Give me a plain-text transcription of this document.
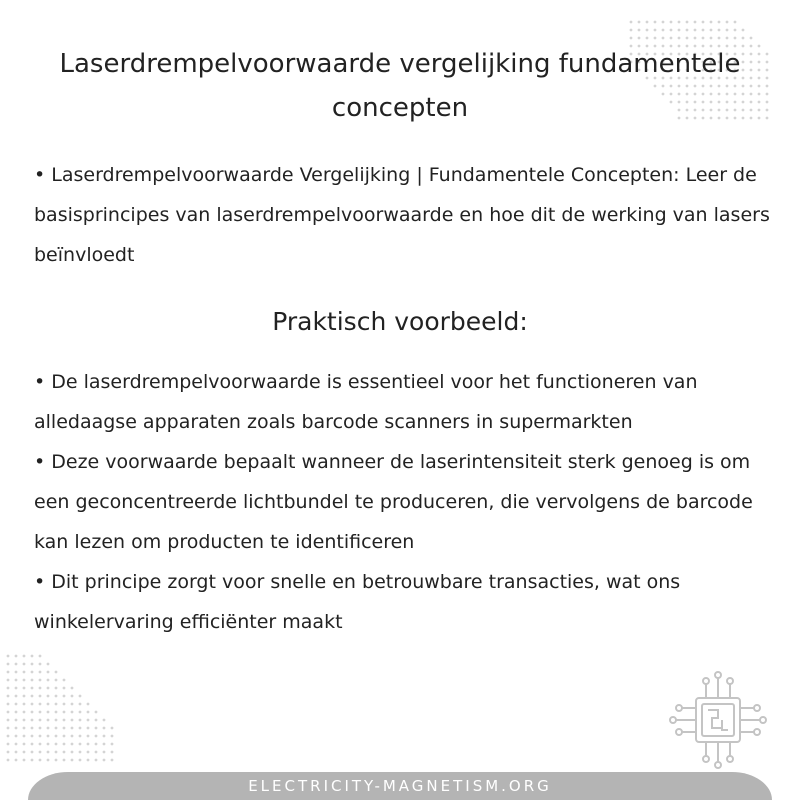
Laserdrempelvoorwaarde vergelijking fundamentele concepten

• Laserdrempelvoorwaarde Vergelijking | Fundamentele Concepten: Leer de basisprincipes van laserdrempelvoorwaarde en hoe dit de werking van lasers beïnvloedt

Praktisch voorbeeld:

• De laserdrempelvoorwaarde is essentieel voor het functioneren van alledaagse apparaten zoals barcode scanners in supermarkten

• Deze voorwaarde bepaalt wanneer de laserintensiteit sterk genoeg is om een geconcentreerde lichtbundel te produceren, die vervolgens de barcode kan lezen om producten te identificeren

• Dit principe zorgt voor snelle en betrouwbare transacties, wat ons winkelervaring efficiënter maakt

ELECTRICITY-MAGNETISM.ORG
